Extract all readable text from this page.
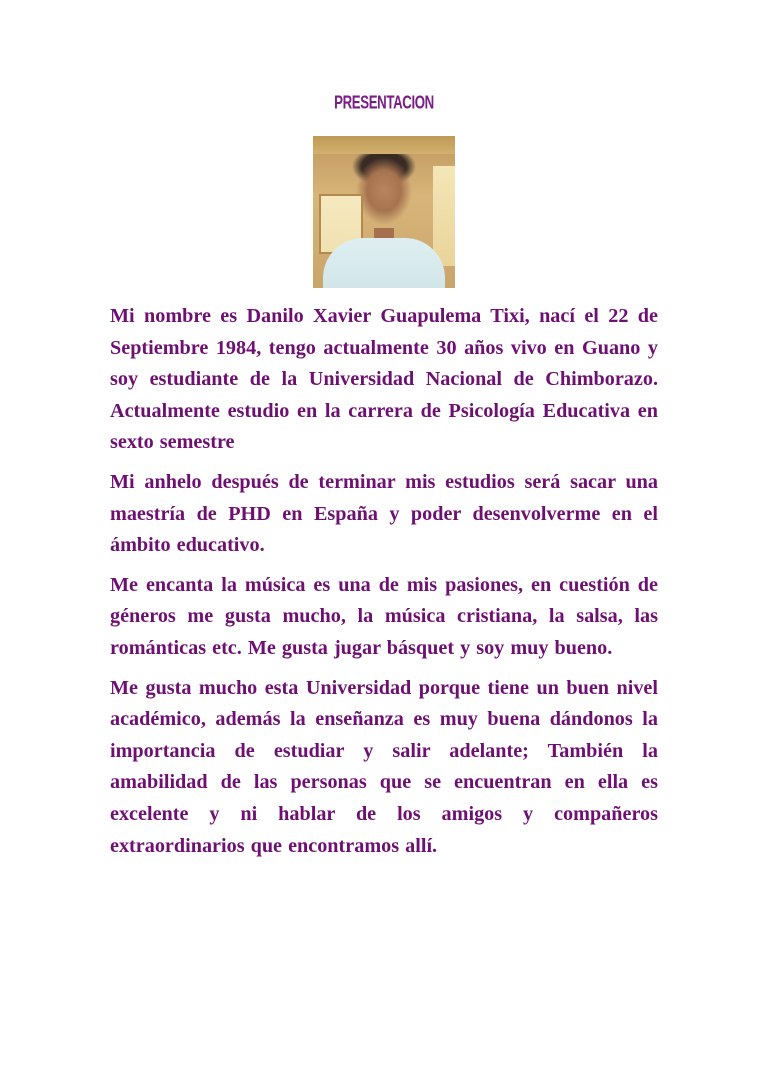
PRESENTACION

Mi nombre es Danilo Xavier Guapulema Tixi, nací el 22 de Septiembre 1984, tengo actualmente 30 años vivo en Guano y soy estudiante de la Universidad Nacional de Chimborazo. Actualmente estudio en la carrera de Psicología Educativa en sexto semestre

Mi anhelo después de terminar mis estudios será sacar una maestría de PHD en España y poder desenvolverme en el ámbito educativo.

Me encanta la música es una de mis pasiones, en cuestión de géneros me gusta mucho, la música cristiana, la salsa, las románticas etc. Me gusta jugar básquet y soy muy bueno.

Me gusta mucho esta Universidad porque tiene un buen nivel académico, además la enseñanza es muy buena dándonos la importancia de estudiar y salir adelante; También la amabilidad de las personas que se encuentran en ella es excelente y ni hablar de los amigos y compañeros extraordinarios que encontramos allí.
